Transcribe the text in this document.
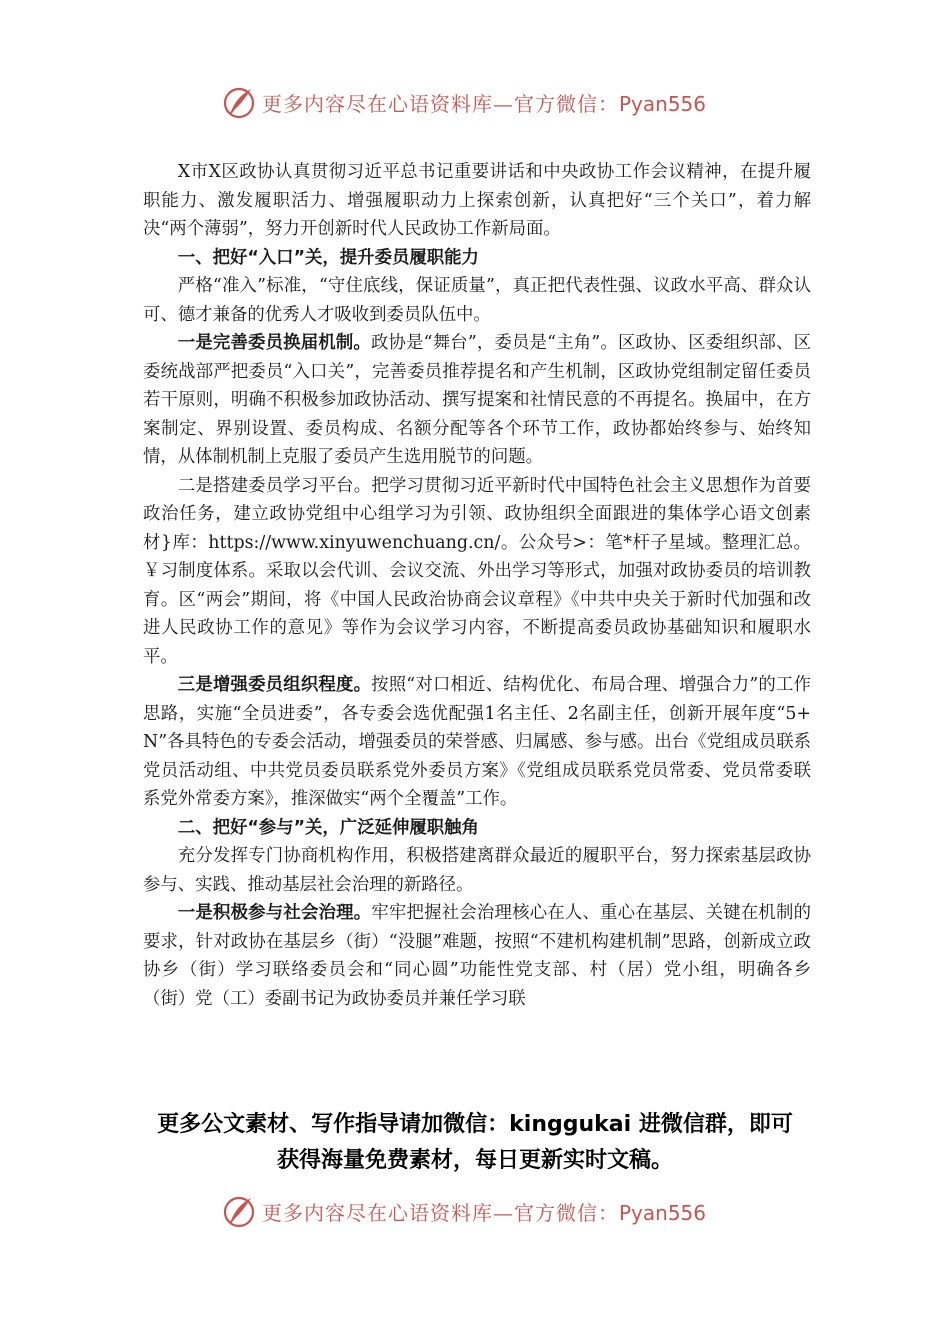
更多内容尽在心语资料库—官方微信：Pyan556

X市X区政协认真贯彻习近平总书记重要讲话和中央政协工作会议精神，在提升履职能力、激发履职活力、增强履职动力上探索创新，认真把好“三个关口”，着力解决“两个薄弱”，努力开创新时代人民政协工作新局面。

一、把好“入口”关，提升委员履职能力

严格“准入”标准，“守住底线，保证质量”，真正把代表性强、议政水平高、群众认可、德才兼备的优秀人才吸收到委员队伍中。

一是完善委员换届机制。政协是“舞台”，委员是“主角”。区政协、区委组织部、区委统战部严把委员“入口关”，完善委员推荐提名和产生机制，区政协党组制定留任委员若干原则，明确不积极参加政协活动、撰写提案和社情民意的不再提名。换届中，在方案制定、界别设置、委员构成、名额分配等各个环节工作，政协都始终参与、始终知情，从体制机制上克服了委员产生选用脱节的问题。

二是搭建委员学习平台。把学习贯彻习近平新时代中国特色社会主义思想作为首要政治任务，建立政协党组中心组学习为引领、政协组织全面跟进的集体学心语文创素材}库：https://www.xinyuwenchuang.cn/。公众号>：笔*杆子星域。整理汇总。￥习制度体系。采取以会代训、会议交流、外出学习等形式，加强对政协委员的培训教育。区“两会”期间，将《中国人民政治协商会议章程》《中共中央关于新时代加强和改进人民政协工作的意见》等作为会议学习内容，不断提高委员政协基础知识和履职水平。

三是增强委员组织程度。按照“对口相近、结构优化、布局合理、增强合力”的工作思路，实施“全员进委”，各专委会选优配强1名主任、2名副主任，创新开展年度“5+N”各具特色的专委会活动，增强委员的荣誉感、归属感、参与感。出台《党组成员联系党员活动组、中共党员委员联系党外委员方案》《党组成员联系党员常委、党员常委联系党外常委方案》，推深做实“两个全覆盖”工作。

二、把好“参与”关，广泛延伸履职触角

充分发挥专门协商机构作用，积极搭建离群众最近的履职平台，努力探索基层政协参与、实践、推动基层社会治理的新路径。

一是积极参与社会治理。牢牢把握社会治理核心在人、重心在基层、关键在机制的要求，针对政协在基层乡（街）“没腿”难题，按照“不建机构建机制”思路，创新成立政协乡（街）学习联络委员会和“同心圆”功能性党支部、村（居）党小组，明确各乡（街）党（工）委副书记为政协委员并兼任学习联

更多公文素材、写作指导请加微信：kinggukai 进微信群，即可
获得海量免费素材，每日更新实时文稿。
更多内容尽在心语资料库—官方微信：Pyan556
